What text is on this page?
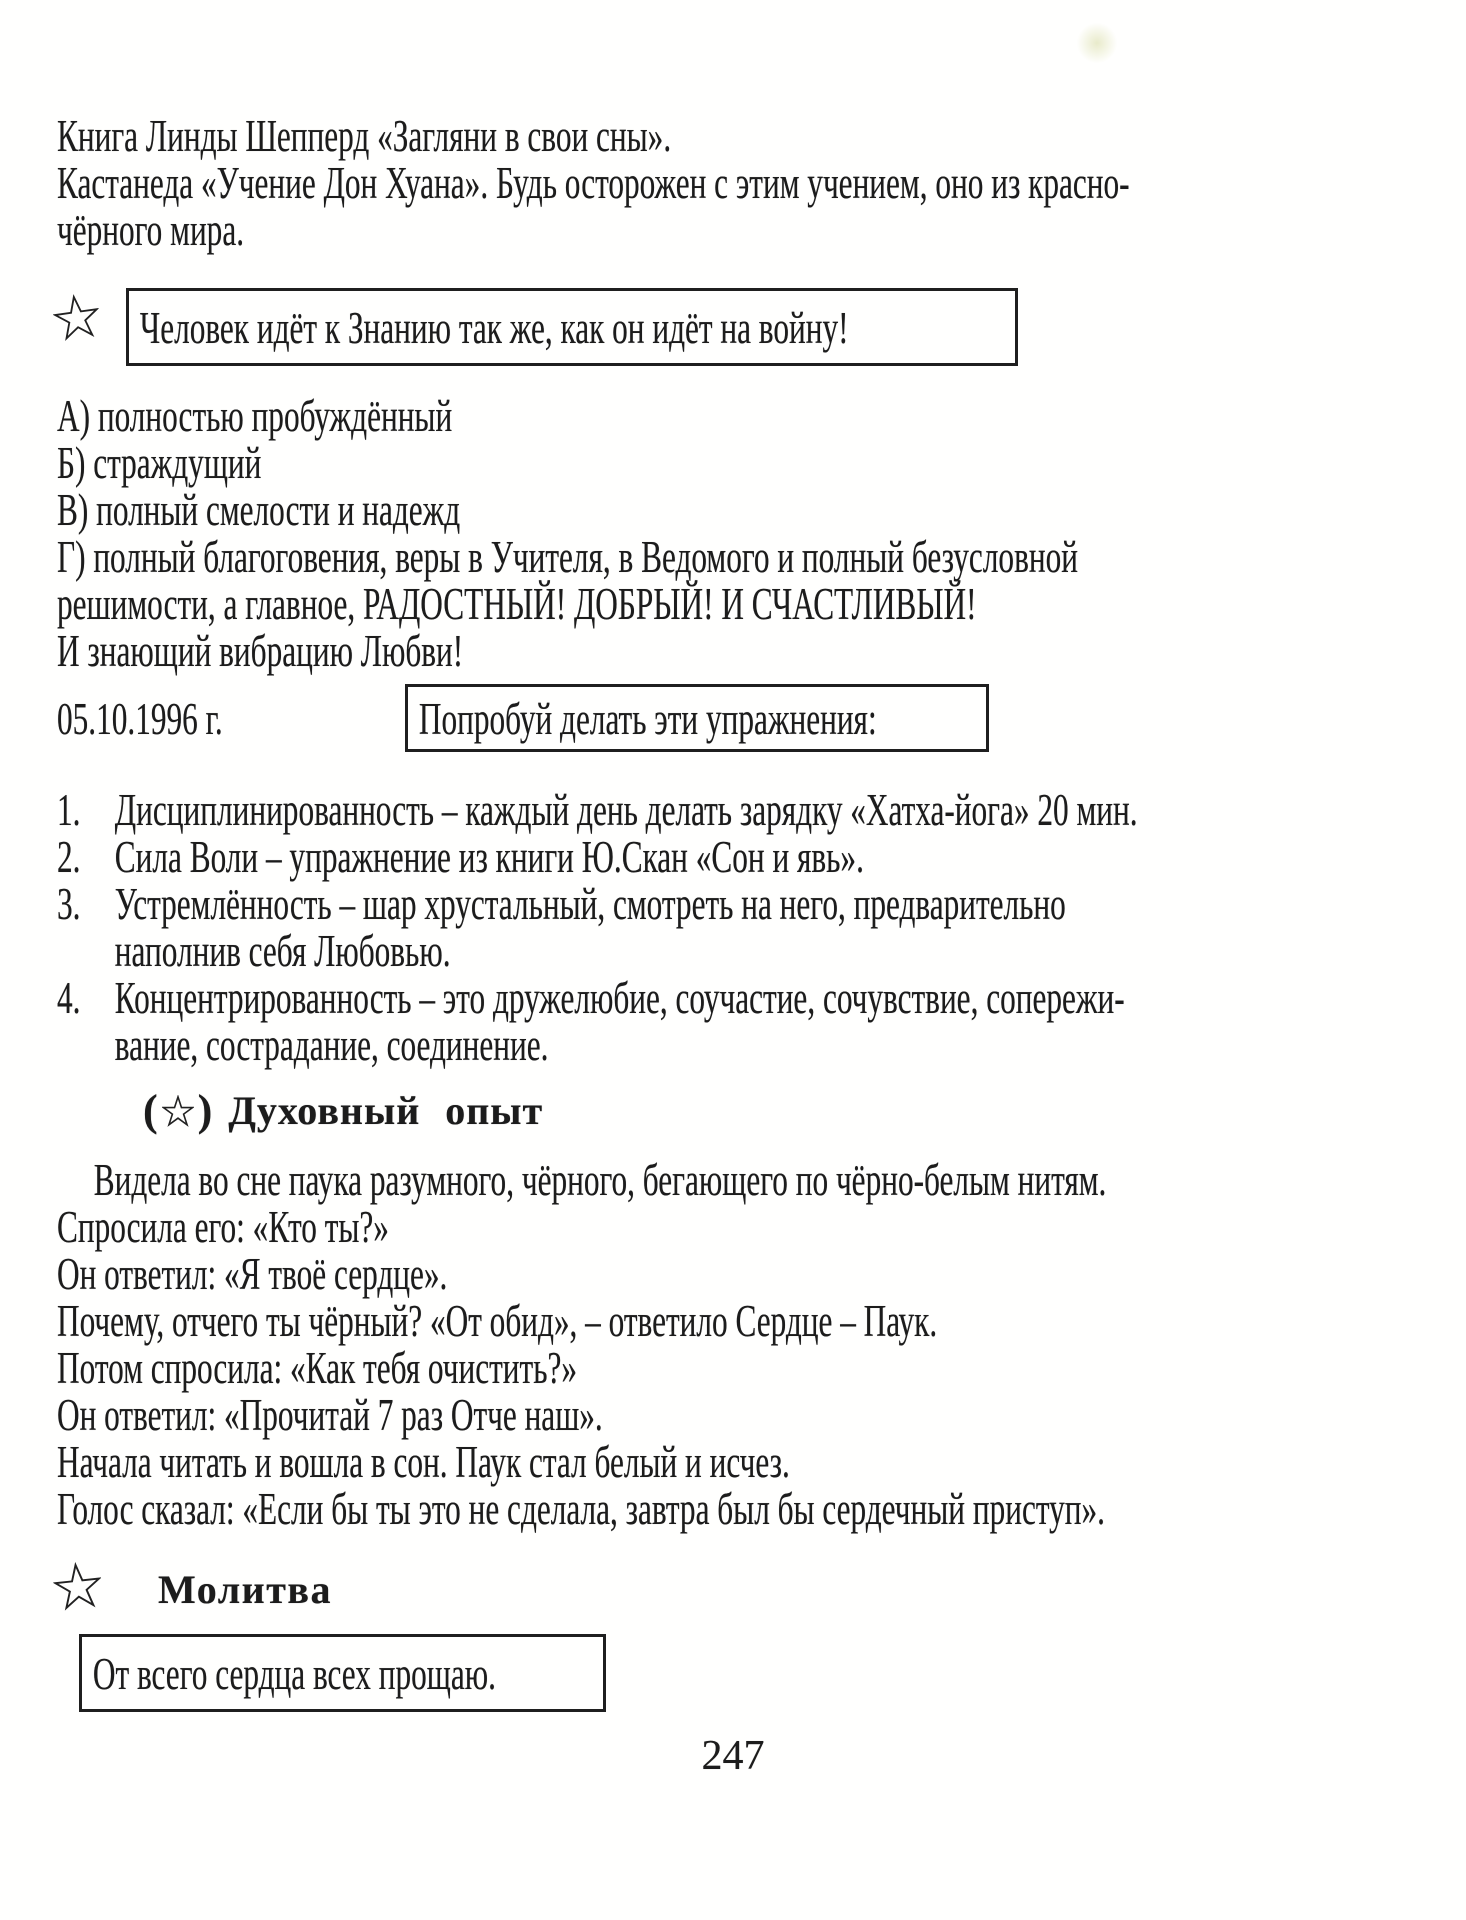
Книга Линды Шепперд «Загляни в свои сны».
Кастанеда «Учение Дон Хуана». Будь осторожен с этим учением, оно из красно-
чёрного мира.
Человек идёт к Знанию так же, как он идёт на войну!
А) полностью пробуждённый
Б) страждущий
В) полный смелости и надежд
Г) полный благоговения, веры в Учителя, в Ведомого и полный безусловной
решимости, а главное, РАДОСТНЫЙ! ДОБРЫЙ! И СЧАСТЛИВЫЙ!
И знающий вибрацию Любви!
05.10.1996 г.	Попробуй делать эти упражнения:
1. Дисциплинированность – каждый день делать зарядку «Хатха-йога» 20 мин.
2. Сила Воли – упражнение из книги Ю.Скан «Сон и явь».
3. Устремлённость – шар хрустальный, смотреть на него, предварительно
наполнив себя Любовью.
4. Концентрированность – это дружелюбие, соучастие, сочувствие, сопережи-
вание, сострадание, соединение.
( ) Духовный опыт
Видела во сне паука разумного, чёрного, бегающего по чёрно-белым нитям.
Спросила его: «Кто ты?»
Он ответил: «Я твоё сердце».
Почему, отчего ты чёрный? «От обид», – ответило Сердце – Паук.
Потом спросила: «Как тебя очистить?»
Он ответил: «Прочитай 7 раз Отче наш».
Начала читать и вошла в сон. Паук стал белый и исчез.
Голос сказал: «Если бы ты это не сделала, завтра был бы сердечный приступ».
Молитва
От всего сердца всех прощаю.
247
